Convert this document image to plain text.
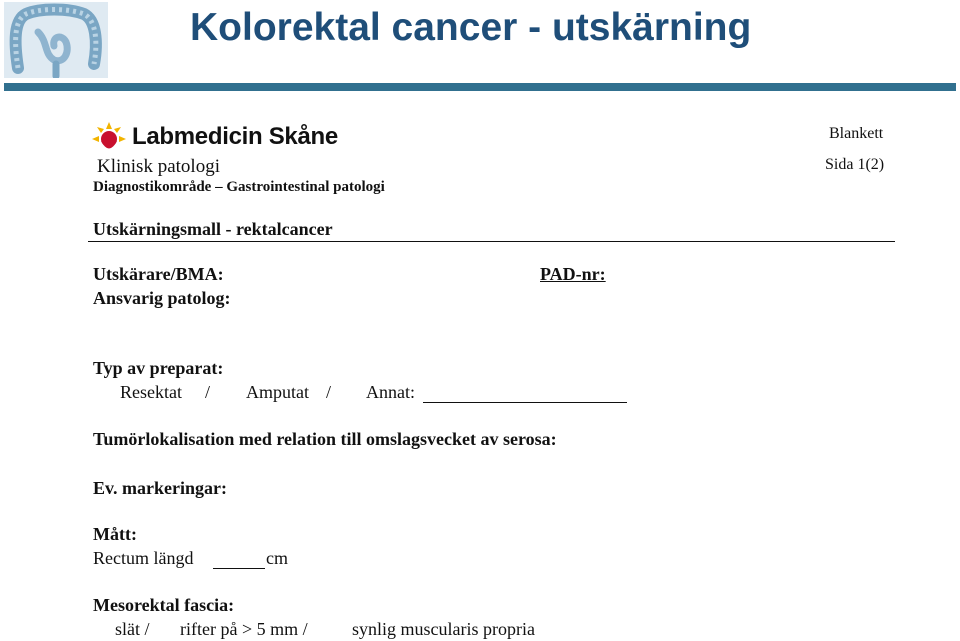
Kolorektal cancer - utskärning
Labmedicin Skåne
Klinisk patologi
Diagnostikområde – Gastrointestinal patologi
Blankett
Sida 1(2)
Utskärningsmall - rektalcancer
Utskärare/BMA:
Ansvarig patolog:
PAD-nr:
Typ av preparat:
Resektat / Amputat / Annat:
Tumörlokalisation med relation till omslagsvecket av serosa:
Ev. markeringar:
Mått:
Rectum längd	cm
Mesorektal fascia:
slät / rifter på > 5 mm / synlig muscularis propria
